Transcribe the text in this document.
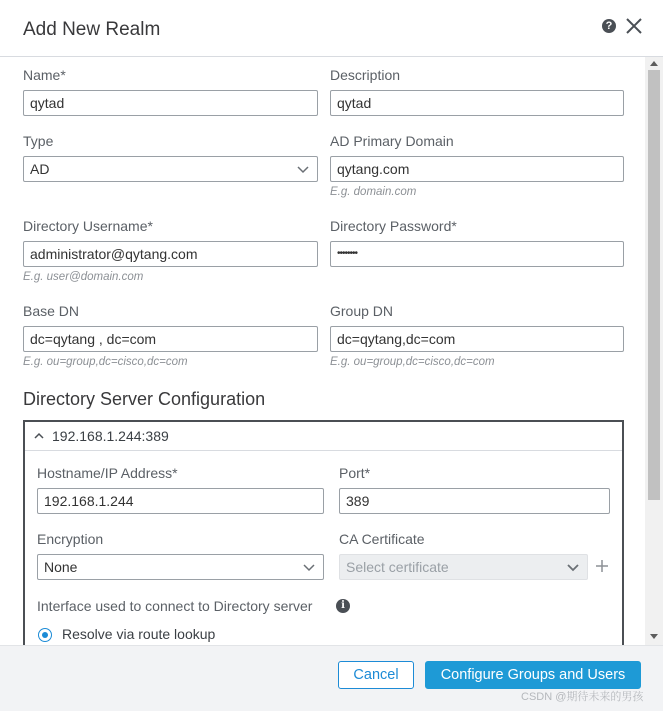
Add New Realm	?
Name*
qytad
Description
qytad
Type
AD
AD Primary Domain
qytang.com
E.g. domain.com
Directory Username*
administrator@qytang.com
E.g. user@domain.com
Directory Password*
••••••••
Base DN
dc=qytang , dc=com
E.g. ou=group,dc=cisco,dc=com
Group DN
dc=qytang,dc=com
E.g. ou=group,dc=cisco,dc=com
Directory Server Configuration
192.168.1.244:389
Hostname/IP Address*
192.168.1.244
Port*
389
Encryption
None
CA Certificate
Select certificate
Interface used to connect to Directory server	i
Resolve via route lookup
Cancel	Configure Groups and Users
CSDN @期待未来的男孩
